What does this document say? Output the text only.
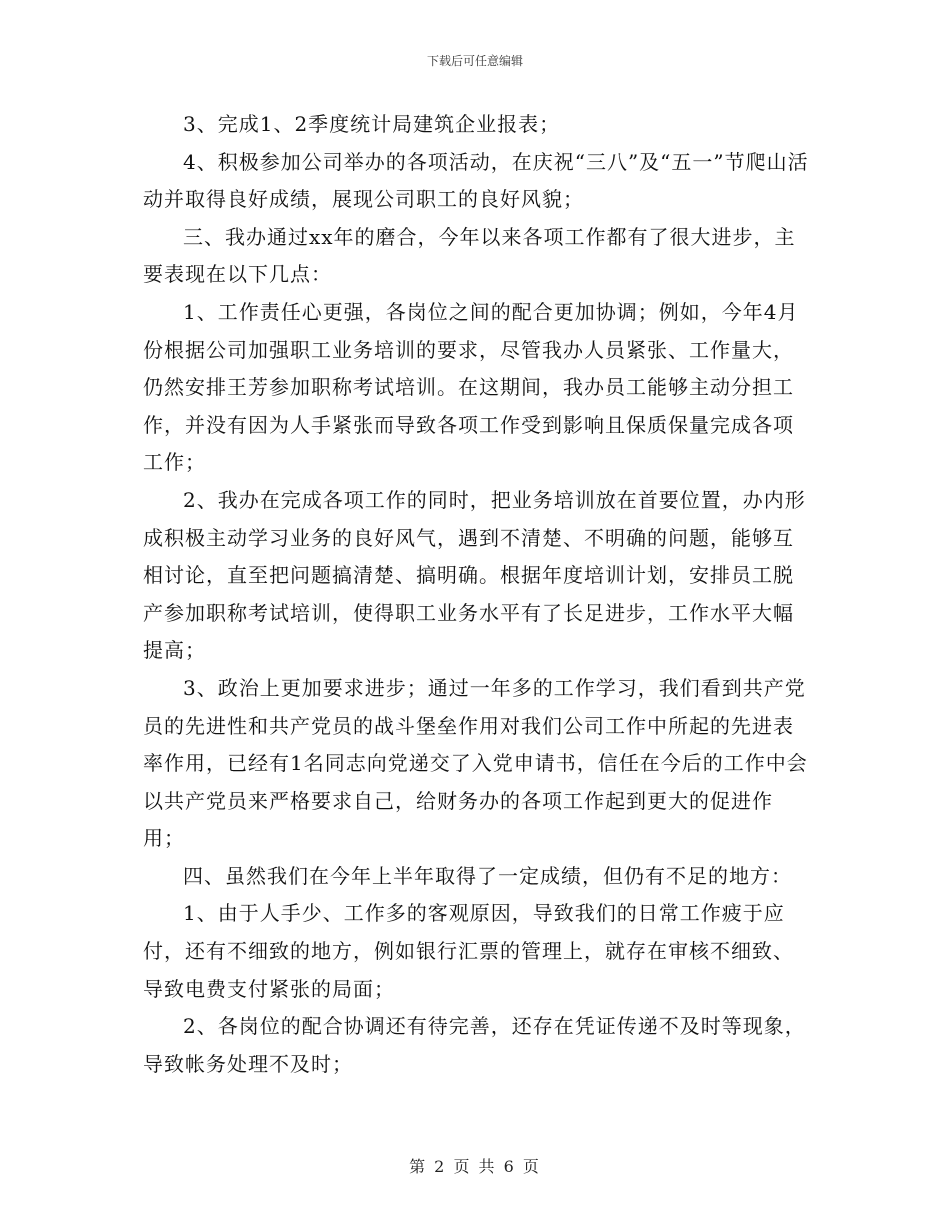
下载后可任意编辑

3、完成1、2季度统计局建筑企业报表；

4、积极参加公司举办的各项活动，在庆祝“三八”及“五一”节爬山活动并取得良好成绩，展现公司职工的良好风貌；

三、我办通过xx年的磨合，今年以来各项工作都有了很大进步，主要表现在以下几点：

1、工作责任心更强，各岗位之间的配合更加协调；例如，今年4月份根据公司加强职工业务培训的要求，尽管我办人员紧张、工作量大，仍然安排王芳参加职称考试培训。在这期间，我办员工能够主动分担工作，并没有因为人手紧张而导致各项工作受到影响且保质保量完成各项工作；

2、我办在完成各项工作的同时，把业务培训放在首要位置，办内形成积极主动学习业务的良好风气，遇到不清楚、不明确的问题，能够互相讨论，直至把问题搞清楚、搞明确。根据年度培训计划，安排员工脱产参加职称考试培训，使得职工业务水平有了长足进步，工作水平大幅提高；

3、政治上更加要求进步；通过一年多的工作学习，我们看到共产党员的先进性和共产党员的战斗堡垒作用对我们公司工作中所起的先进表率作用，已经有1名同志向党递交了入党申请书，信任在今后的工作中会以共产党员来严格要求自己，给财务办的各项工作起到更大的促进作用；

四、虽然我们在今年上半年取得了一定成绩，但仍有不足的地方：

1、由于人手少、工作多的客观原因，导致我们的日常工作疲于应付，还有不细致的地方，例如银行汇票的管理上，就存在审核不细致、导致电费支付紧张的局面；

2、各岗位的配合协调还有待完善，还存在凭证传递不及时等现象，导致帐务处理不及时；

第 2 页 共 6 页
